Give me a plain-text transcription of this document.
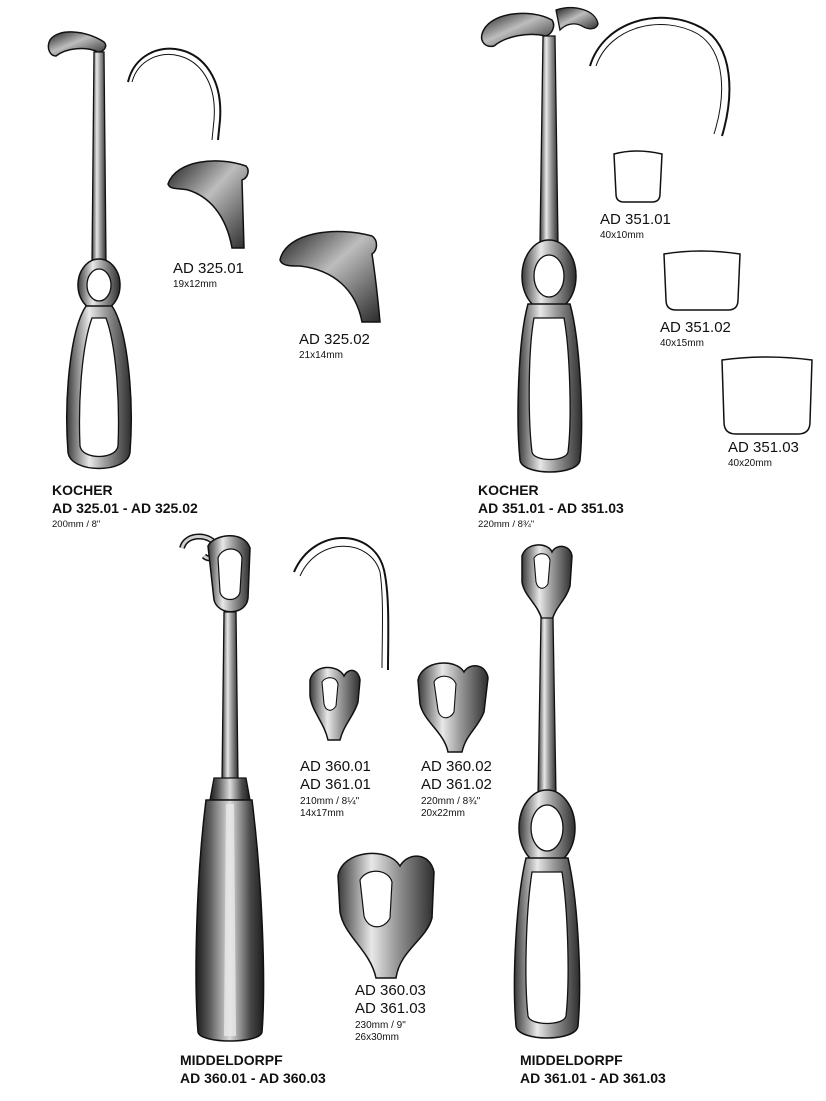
AD 325.01
19x12mm
AD 325.02
21x14mm
KOCHER
AD 325.01 - AD 325.02
200mm / 8"
AD 351.01
40x10mm
AD 351.02
40x15mm
AD 351.03
40x20mm
KOCHER
AD 351.01 - AD 351.03
220mm / 8¾"
AD 360.01
AD 361.01
210mm / 8¼"
14x17mm
AD 360.02
AD 361.02
220mm / 8¾"
20x22mm
AD 360.03
AD 361.03
230mm / 9"
26x30mm
MIDDELDORPF
AD 360.01 - AD 360.03
MIDDELDORPF
AD 361.01 - AD 361.03
